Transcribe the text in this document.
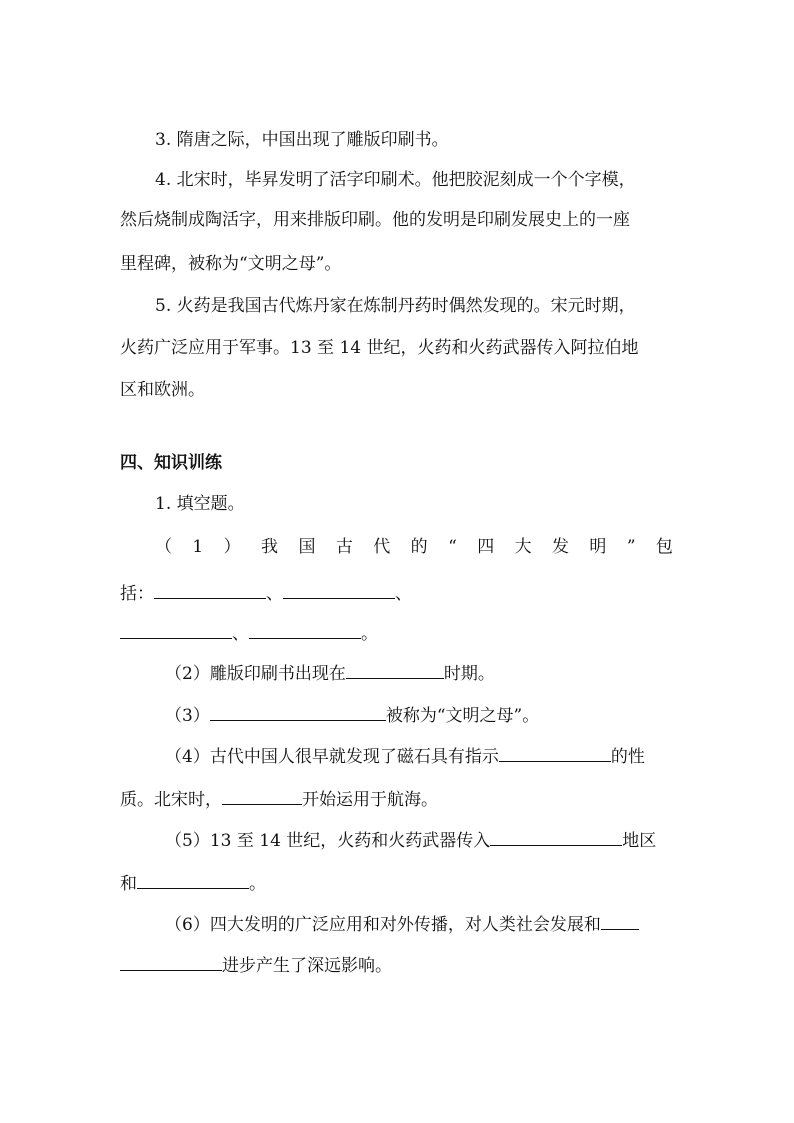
3. 隋唐之际，中国出现了雕版印刷书。
4. 北宋时，毕昇发明了活字印刷术。他把胶泥刻成一个个字模，
然后烧制成陶活字，用来排版印刷。他的发明是印刷发展史上的一座
里程碑，被称为“文明之母”。
5. 火药是我国古代炼丹家在炼制丹药时偶然发现的。宋元时期，
火药广泛应用于军事。13 至 14 世纪，火药和火药武器传入阿拉伯地
区和欧洲。
四、知识训练
1. 填空题。
（ 1 ） 我 国 古 代 的 “ 四 大 发 明 ” 包
括：	、	、
、	。
（2）雕版印刷书出现在	时期。
（3）	被称为“文明之母”。
（4）古代中国人很早就发现了磁石具有指示	的性
质。北宋时，	开始运用于航海。
（5）13 至 14 世纪，火药和火药武器传入	地区
和	。
（6）四大发明的广泛应用和对外传播，对人类社会发展和
进步产生了深远影响。
